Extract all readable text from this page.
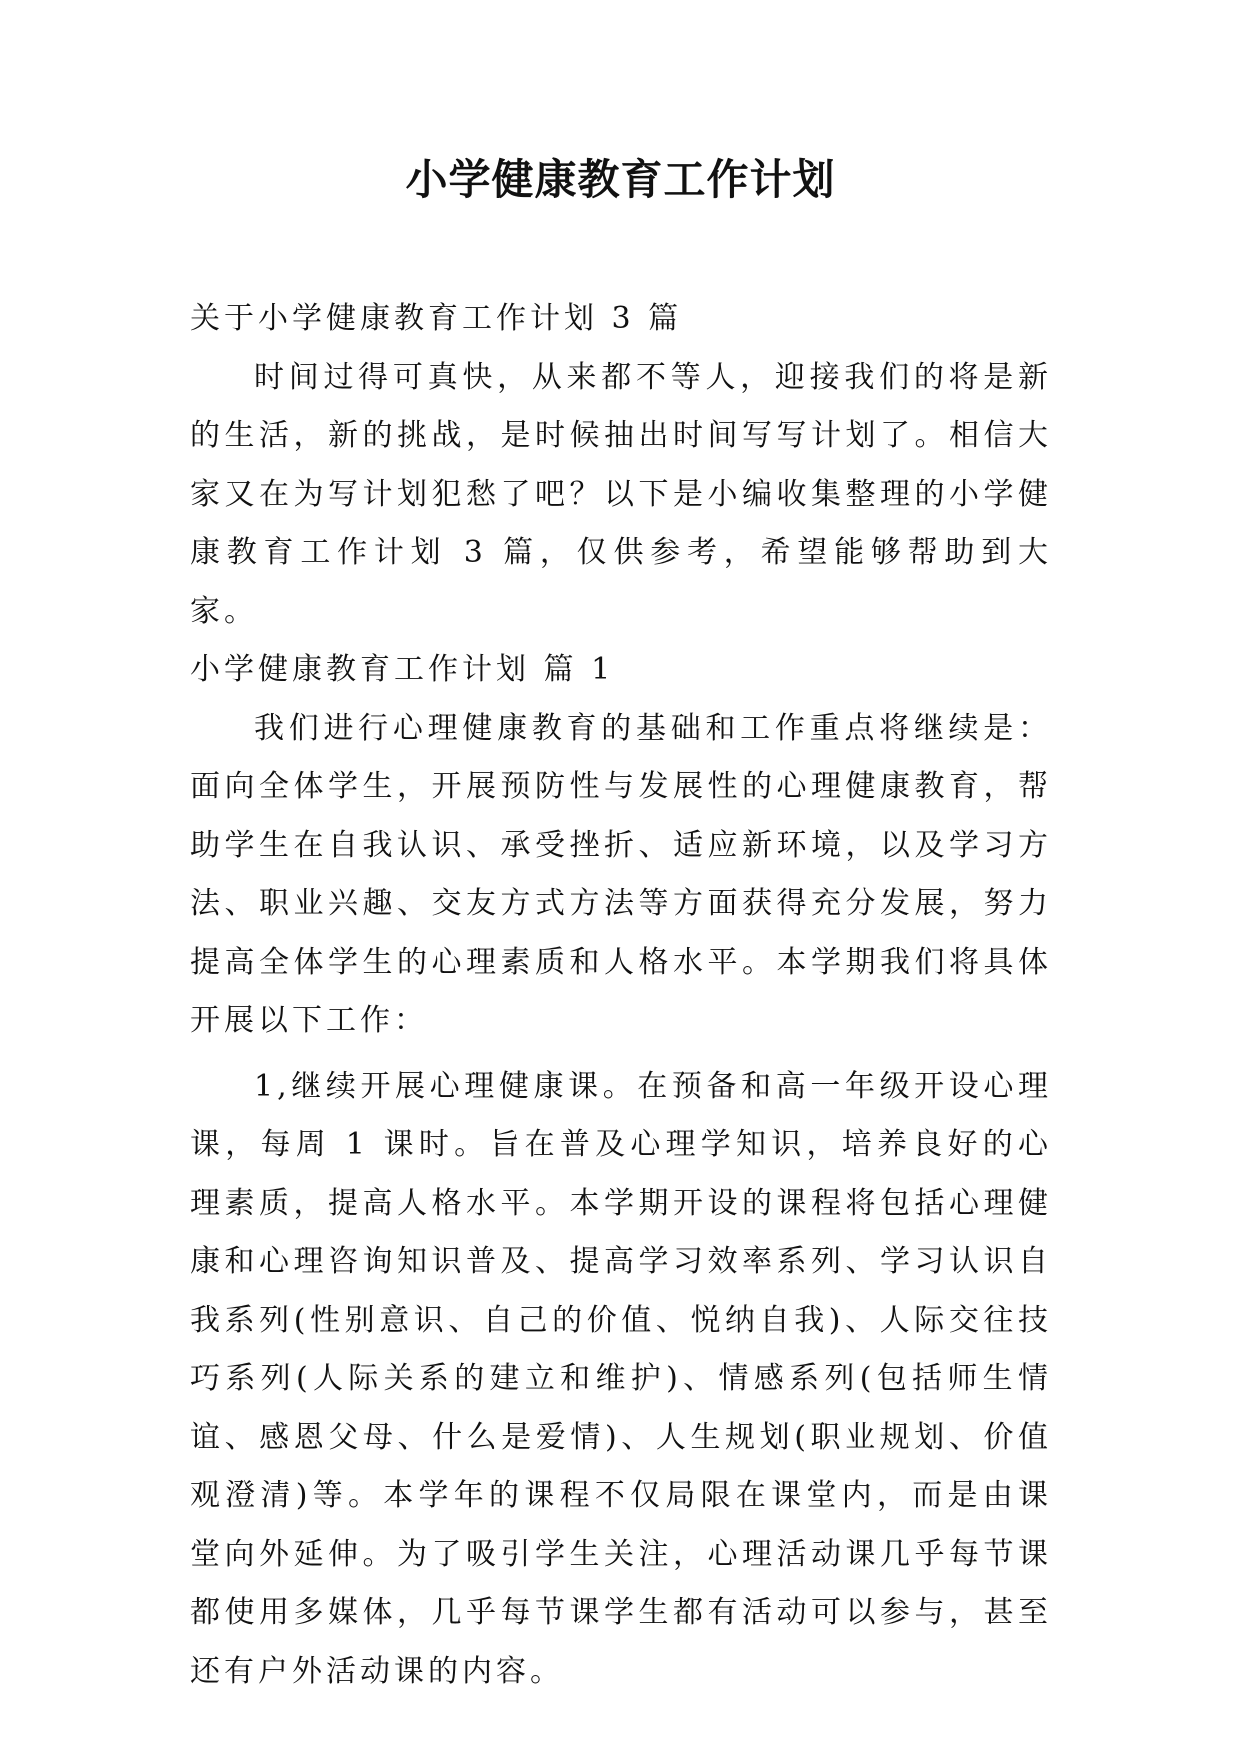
小学健康教育工作计划

关于小学健康教育工作计划 3 篇

时间过得可真快，从来都不等人，迎接我们的将是新的生活，新的挑战，是时候抽出时间写写计划了。相信大家又在为写计划犯愁了吧？以下是小编收集整理的小学健康教育工作计划 3 篇，仅供参考，希望能够帮助到大家。

小学健康教育工作计划 篇 1

我们进行心理健康教育的基础和工作重点将继续是：面向全体学生，开展预防性与发展性的心理健康教育，帮助学生在自我认识、承受挫折、适应新环境，以及学习方法、职业兴趣、交友方式方法等方面获得充分发展，努力提高全体学生的心理素质和人格水平。本学期我们将具体开展以下工作：

1,继续开展心理健康课。在预备和高一年级开设心理课，每周 1 课时。旨在普及心理学知识，培养良好的心理素质，提高人格水平。本学期开设的课程将包括心理健康和心理咨询知识普及、提高学习效率系列、学习认识自我系列(性别意识、自己的价值、悦纳自我)、人际交往技巧系列(人际关系的建立和维护)、情感系列(包括师生情谊、感恩父母、什么是爱情)、人生规划(职业规划、价值观澄清)等。本学年的课程不仅局限在课堂内，而是由课堂向外延伸。为了吸引学生关注，心理活动课几乎每节课都使用多媒体，几乎每节课学生都有活动可以参与，甚至还有户外活动课的内容。
